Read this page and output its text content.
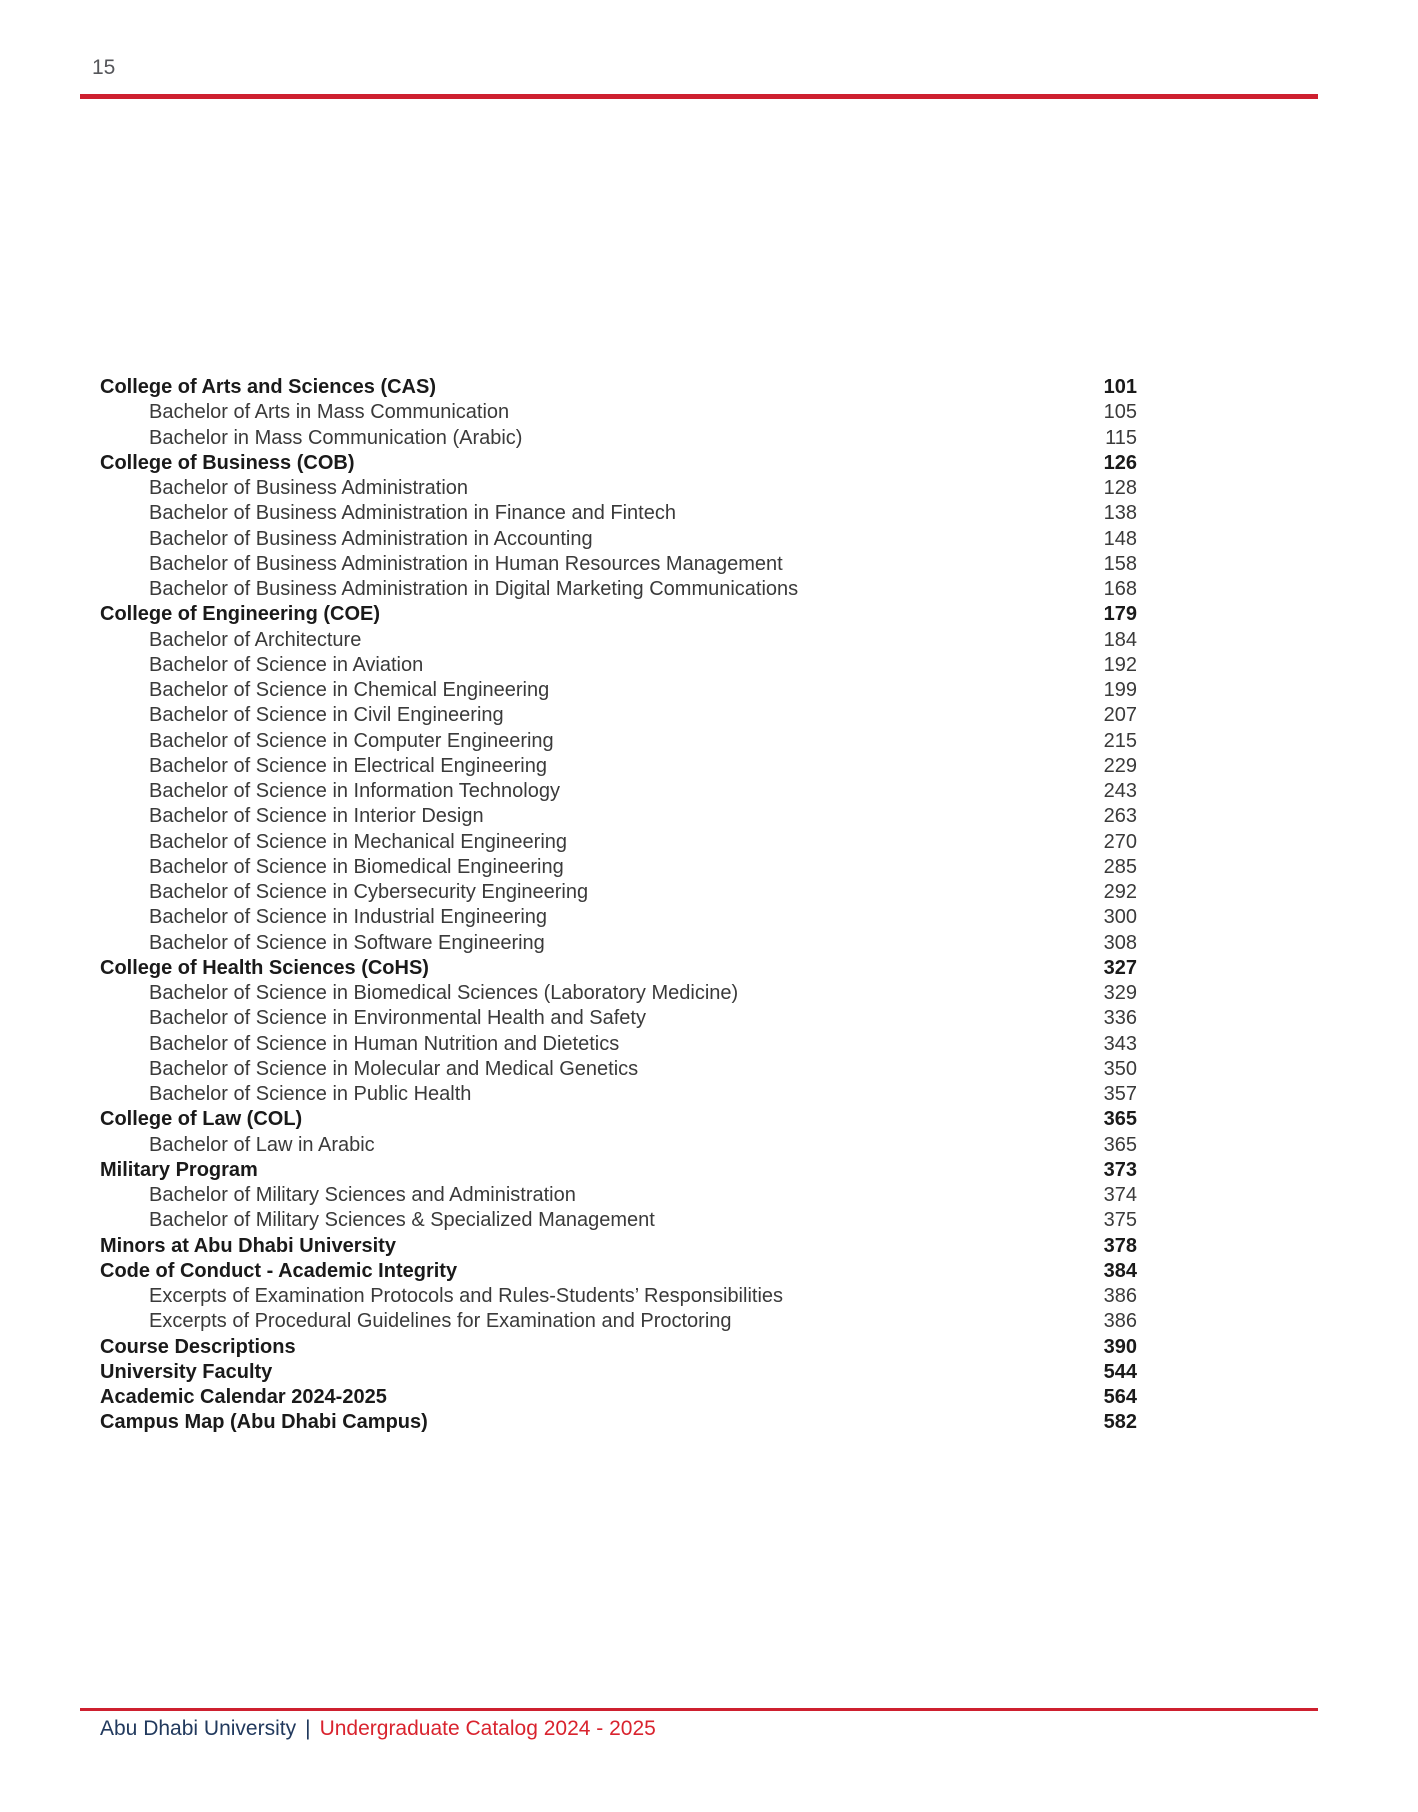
15
College of Arts and Sciences (CAS)	101
Bachelor of Arts in Mass Communication	105
Bachelor in Mass Communication (Arabic)	115
College of Business (COB)	126
Bachelor of Business Administration	128
Bachelor of Business Administration in Finance and Fintech	138
Bachelor of Business Administration in Accounting	148
Bachelor of Business Administration in Human Resources Management	158
Bachelor of Business Administration in Digital Marketing Communications	168
College of Engineering (COE)	179
Bachelor of Architecture	184
Bachelor of Science in Aviation	192
Bachelor of Science in Chemical Engineering	199
Bachelor of Science in Civil Engineering	207
Bachelor of Science in Computer Engineering	215
Bachelor of Science in Electrical Engineering	229
Bachelor of Science in Information Technology	243
Bachelor of Science in Interior Design	263
Bachelor of Science in Mechanical Engineering	270
Bachelor of Science in Biomedical Engineering	285
Bachelor of Science in Cybersecurity Engineering	292
Bachelor of Science in Industrial Engineering	300
Bachelor of Science in Software Engineering	308
College of Health Sciences (CoHS)	327
Bachelor of Science in Biomedical Sciences (Laboratory Medicine)	329
Bachelor of Science in Environmental Health and Safety	336
Bachelor of Science in Human Nutrition and Dietetics	343
Bachelor of Science in Molecular and Medical Genetics	350
Bachelor of Science in Public Health	357
College of Law (COL)	365
Bachelor of Law in Arabic	365
Military Program	373
Bachelor of Military Sciences and Administration	374
Bachelor of Military Sciences & Specialized Management	375
Minors at Abu Dhabi University	378
Code of Conduct - Academic Integrity	384
Excerpts of Examination Protocols and Rules-Students’ Responsibilities	386
Excerpts of Procedural Guidelines for Examination and Proctoring	386
Course Descriptions	390
University Faculty	544
Academic Calendar 2024-2025	564
Campus Map (Abu Dhabi Campus)	582
Abu Dhabi University | Undergraduate Catalog 2024 - 2025
